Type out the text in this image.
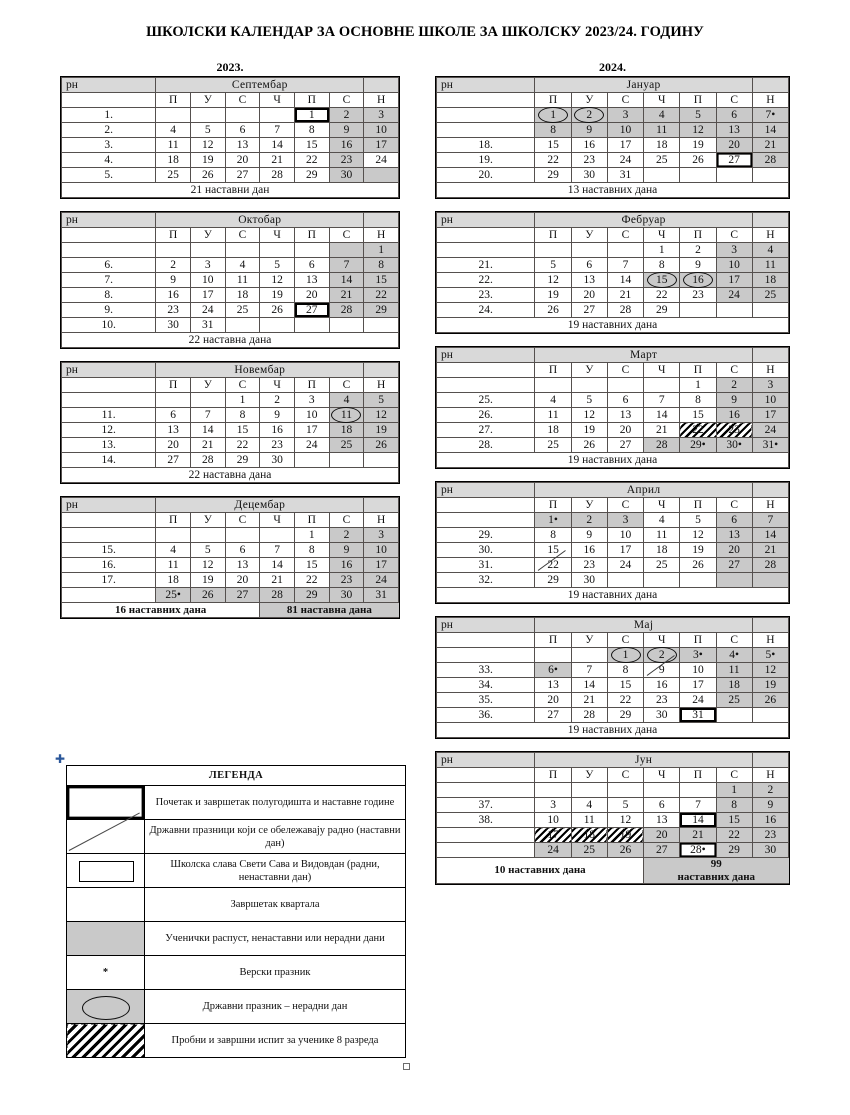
ШКОЛСКИ КАЛЕНДАР ЗА ОСНОВНЕ ШКОЛЕ ЗА ШКОЛСКУ 2023/24. ГОДИНУ
2023.
рн	Септембар						
	П	У	С	Ч	П	С	Н
1.					1	2	3
2.	4	5	6	7	8	9	10
3.	11	12	13	14	15	16	17
4.	18	19	20	21	22	23	24
5.	25	26	27	28	29	30	
21 наставни дан							
рн	Октобар						
	П	У	С	Ч	П	С	Н
							1
6.	2	3	4	5	6	7	8
7.	9	10	11	12	13	14	15
8.	16	17	18	19	20	21	22
9.	23	24	25	26	27	28	29
10.	30	31					
22 наставна дана							
рн	Новембар						
	П	У	С	Ч	П	С	Н
			1	2	3	4	5
11.	6	7	8	9	10	11	12
12.	13	14	15	16	17	18	19
13.	20	21	22	23	24	25	26
14.	27	28	29	30			
22 наставна дана							
рн	Децембар						
	П	У	С	Ч	П	С	Н
					1	2	3
15.	4	5	6	7	8	9	10
16.	11	12	13	14	15	16	17
17.	18	19	20	21	22	23	24
	25•	26	27	28	29	30	31

16 наставних дана				81 наставна дана			
2024.
рн	Јануар						
	П	У	С	Ч	П	С	Н
	1	2	3	4	5	6	7•
	8	9	10	11	12	13	14
18.	15	16	17	18	19	20	21
19.	22	23	24	25	26	27	28
20.	29	30	31				
13 наставних дана							
рн	Фебруар						
	П	У	С	Ч	П	С	Н
				1	2	3	4
21.	5	6	7	8	9	10	11
22.	12	13	14	15	16	17	18
23.	19	20	21	22	23	24	25
24.	26	27	28	29			
19 наставних дана							
рн	Март						
	П	У	С	Ч	П	С	Н
					1	2	3
25.	4	5	6	7	8	9	10
26.	11	12	13	14	15	16	17
27.	18	19	20	21	22	23	24
28.	25	26	27	28	29•	30•	31•
19 наставних дана							
рн	Април						
	П	У	С	Ч	П	С	Н
	1•	2	3	4	5	6	7
29.	8	9	10	11	12	13	14
30.	15	16	17	18	19	20	21
31.	22	23	24	25	26	27	28
32.	29	30					
19 наставних дана							
рн	Мај						
	П	У	С	Ч	П	С	Н
			1	2	3•	4•	5•
33.	6•	7	8	9	10	11	12
34.	13	14	15	16	17	18	19
35.	20	21	22	23	24	25	26
36.	27	28	29	30	31		
19 наставних дана							
рн	Јун						
	П	У	С	Ч	П	С	Н
						1	2
37.	3	4	5	6	7	8	9
38.	10	11	12	13	14	15	16
	17	18	19	20	21	22	23
	24	25	26	27	28•	29	30

10 наставних дана				99
наставних дана			
✚
ЛЕГЕНДА	
	Почетак и завршетак полугодишта и наставне године
	Државни празници који се обележавају радно (наставни дан)
	Школска слава Свети Сава и Видовдан (радни, ненаставни дан)
	Завршетак квартала
	Ученички распуст, ненаставни или нерадни дани
*	Верски празник
	Државни празник – нерадни дан
	Пробни и завршни испит за ученике 8 разреда
